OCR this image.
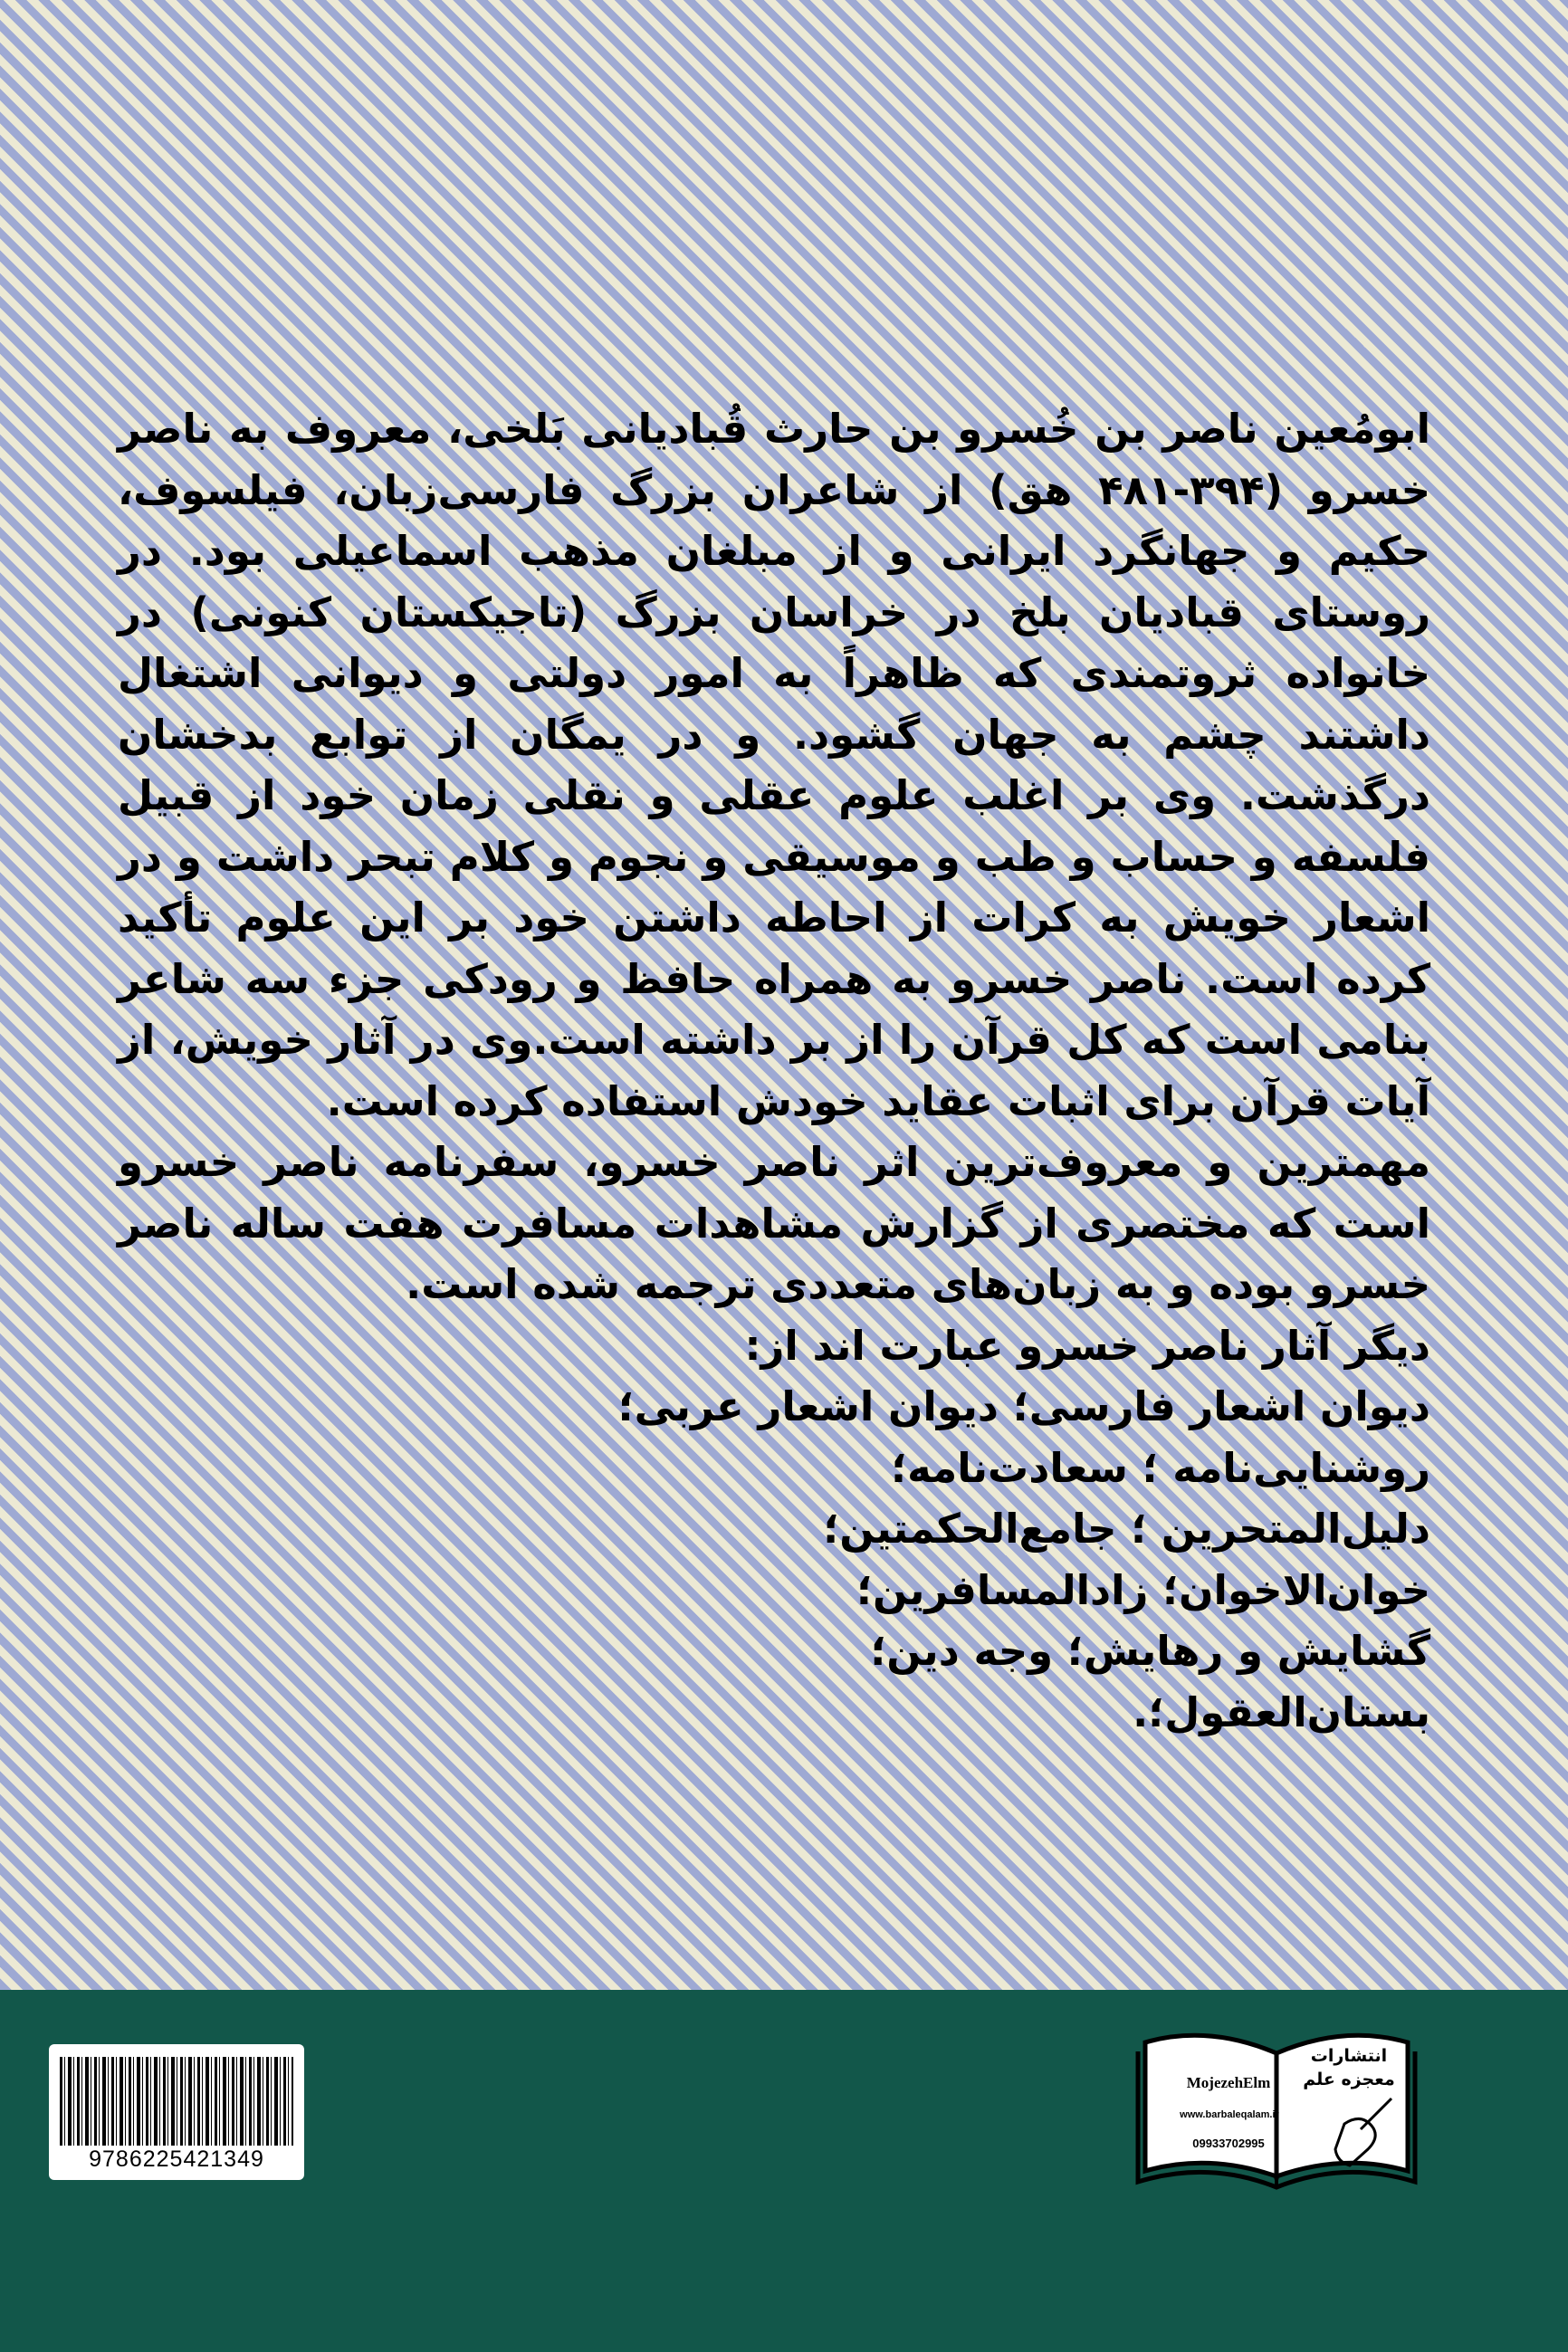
ابومُعین ناصر بن خُسرو بن حارث قُبادیانی بَلخی، معروف به ناصر خسرو (۳۹۴-۴۸۱ هق) از شاعران بزرگ فارسی‌زبان، فیلسوف، حکیم و جهانگرد ایرانی و از مبلغان مذهب اسماعیلی بود. در روستای قبادیان بلخ در خراسان بزرگ (تاجیکستان کنونی) در خانواده ثروتمندی که ظاهراً به امور دولتی و دیوانی اشتغال داشتند چشم به جهان گشود. و در یمگان از توابع بدخشان درگذشت. وی بر اغلب علوم عقلی و نقلی زمان خود از قبیل فلسفه و حساب و طب و موسیقی و نجوم و کلام تبحر داشت و در اشعار خویش به کرات از احاطه داشتن خود بر این علوم تأکید کرده است. ناصر خسرو به همراه حافظ و رودکی جزء سه شاعر بنامی است که کل قرآن را از بر داشته است.وی در آثار خویش، از آیات قرآن برای اثبات عقاید خودش استفاده کرده است.

مهمترین و معروف‌ترین اثر ناصر خسرو، سفرنامه ناصر خسرو است که مختصری از گزارش مشاهدات مسافرت هفت ساله ناصر خسرو بوده و به زبان‌های متعددی ترجمه شده است.

دیگر آثار ناصر خسرو عبارت اند از:

دیوان اشعار فارسی؛ دیوان اشعار عربی؛

روشنایی‌نامه ؛ سعادت‌نامه؛

دلیل‌المتحرین ؛ جامع‌الحکمتین؛

خوان‌الاخوان؛ زادالمسافرین؛

گشایش و رهایش؛ وجه دین؛

بستان‌العقول؛.

9786225421349
انتشارات معجزه علم
MojezehElm
www.barbaleqalam.ir
09933702995
